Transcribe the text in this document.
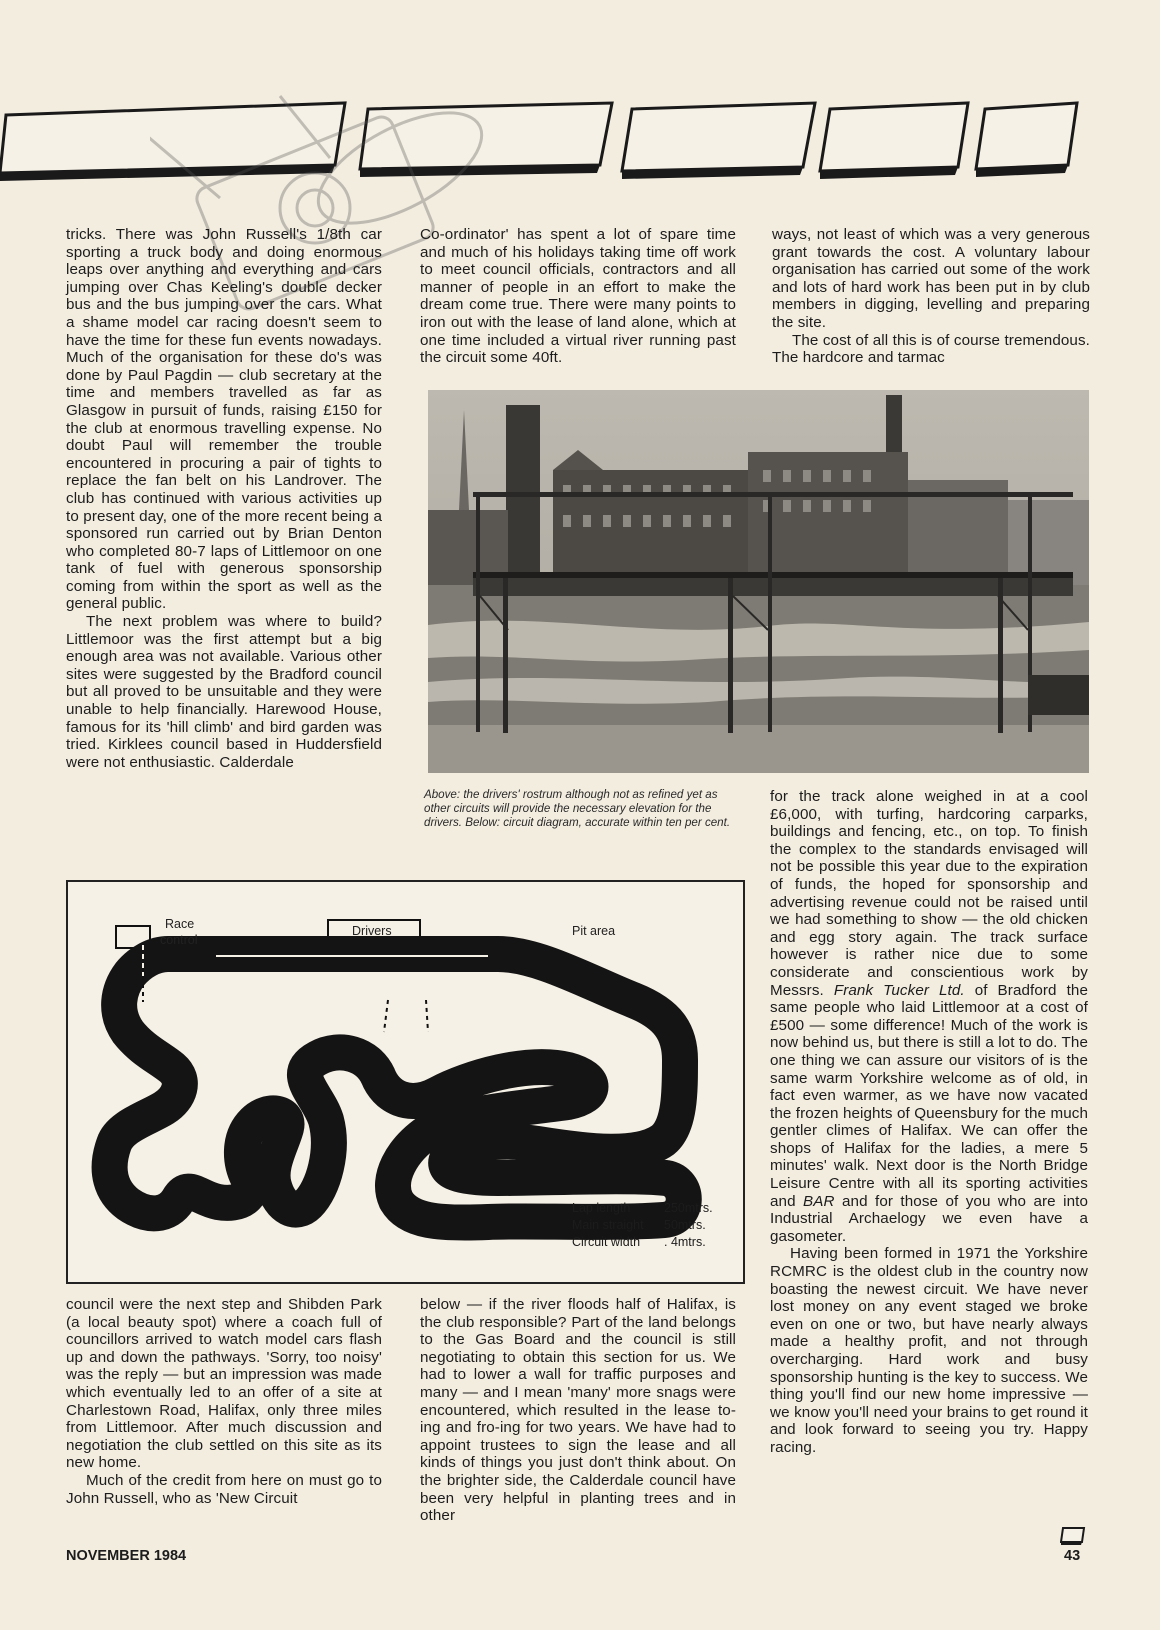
tricks. There was John Russell's 1/8th car sporting a truck body and doing enormous leaps over anything and everything and cars jumping over Chas Keeling's double decker bus and the bus jumping over the cars. What a shame model car racing doesn't seem to have the time for these fun events nowadays. Much of the organisation for these do's was done by Paul Pagdin — club secretary at the time and members travelled as far as Glasgow in pursuit of funds, raising £150 for the club at enormous travelling expense. No doubt Paul will remember the trouble encountered in procuring a pair of tights to replace the fan belt on his Landrover. The club has continued with various activities up to present day, one of the more recent being a sponsored run carried out by Brian Denton who completed 80-7 laps of Littlemoor on one tank of fuel with generous sponsorship coming from within the sport as well as the general public.

The next problem was where to build? Littlemoor was the first attempt but a big enough area was not available. Various other sites were suggested by the Bradford council but all proved to be unsuitable and they were unable to help financially. Harewood House, famous for its 'hill climb' and bird garden was tried. Kirklees council based in Huddersfield were not enthusiastic. Calderdale

Co-ordinator' has spent a lot of spare time and much of his holidays taking time off work to meet council officials, contractors and all manner of people in an effort to make the dream come true. There were many points to iron out with the lease of land alone, which at one time included a virtual river running past the circuit some 40ft.

ways, not least of which was a very generous grant towards the cost. A voluntary labour organisation has carried out some of the work and lots of hard work has been put in by club members in digging, levelling and preparing the site.

The cost of all this is of course tremendous. The hardcore and tarmac

Above: the drivers' rostrum although not as refined yet as other circuits will provide the necessary elevation for the drivers. Below: circuit diagram, accurate within ten per cent.

for the track alone weighed in at a cool £6,000, with turfing, hardcoring carparks, buildings and fencing, etc., on top. To finish the complex to the standards envisaged will not be possible this year due to the expiration of funds, the hoped for sponsorship and advertising revenue could not be raised until we had something to show — the old chicken and egg story again. The track surface however is rather nice due to some considerate and conscientious work by Messrs. Frank Tucker Ltd. of Bradford the same people who laid Littlemoor at a cost of £500 — some difference! Much of the work is now behind us, but there is still a lot to do. The one thing we can assure our visitors of is the same warm Yorkshire welcome as of old, in fact even warmer, as we have now vacated the frozen heights of Queensbury for the much gentler climes of Halifax. We can offer the shops of Halifax for the ladies, a mere 5 minutes' walk. Next door is the North Bridge Leisure Centre with all its sporting activities and BAR and for those of you who are into Industrial Archaelogy we even have a gasometer.

Having been formed in 1971 the Yorkshire RCMRC is the oldest club in the country now boasting the newest circuit. We have never lost money on any event staged we broke even on one or two, but have nearly always made a healthy profit, and not through overcharging. Hard work and busy sponsorship hunting is the key to success. We thing you'll find our new home impressive — we know you'll need your brains to get round it and look forward to seeing you try. Happy racing.

Race
control
Drivers	Pit area
Lap length	250mtrs.
Main straight 50mtrs.
Circuit width . 4mtrs.

council were the next step and Shibden Park (a local beauty spot) where a coach full of councillors arrived to watch model cars flash up and down the pathways. 'Sorry, too noisy' was the reply — but an impression was made which eventually led to an offer of a site at Charlestown Road, Halifax, only three miles from Littlemoor. After much discussion and negotiation the club settled on this site as its new home.

Much of the credit from here on must go to John Russell, who as 'New Circuit

below — if the river floods half of Halifax, is the club responsible? Part of the land belongs to the Gas Board and the council is still negotiating to obtain this section for us. We had to lower a wall for traffic purposes and many — and I mean 'many' more snags were encountered, which resulted in the lease to-ing and fro-ing for two years. We have had to appoint trustees to sign the lease and all kinds of things you just don't think about. On the brighter side, the Calderdale council have been very helpful in planting trees and in other

NOVEMBER 1984	43
